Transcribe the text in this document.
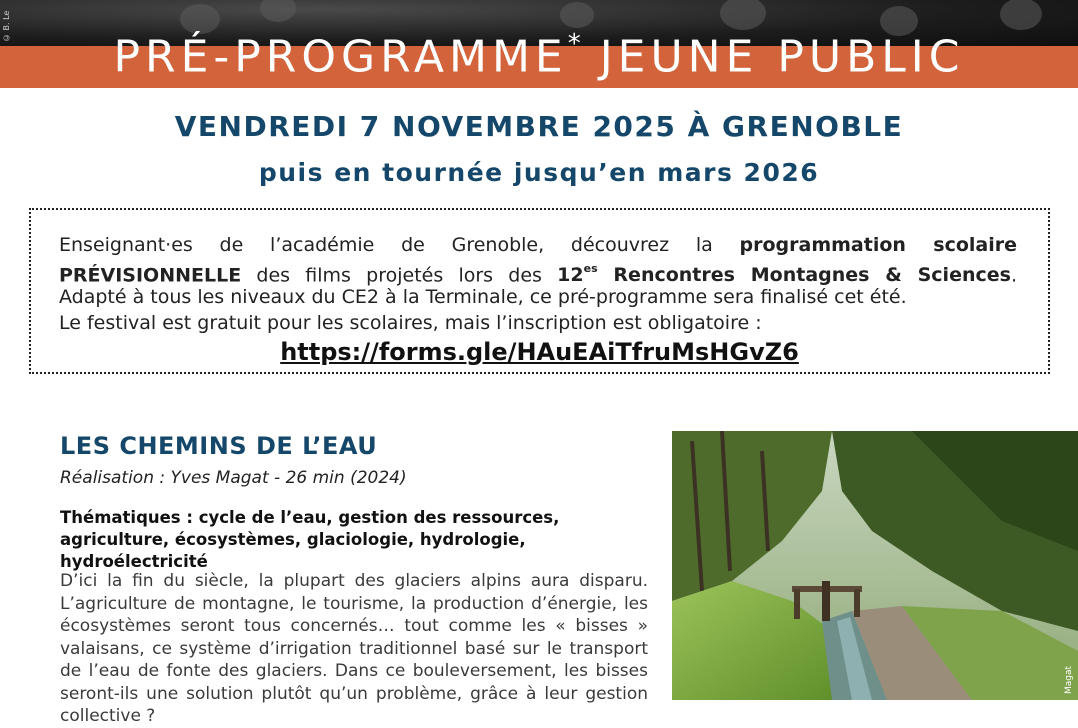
© B. Le
PRÉ-PROGRAMME* JEUNE PUBLIC
VENDREDI 7 NOVEMBRE 2025 À GRENOBLE
puis en tournée jusqu’en mars 2026

Enseignant·es de l’académie de Grenoble, découvrez la programmation scolaire

PRÉVISIONNELLE des films projetés lors des $12^{es}$ Rencontres Montagnes & Sciences.

Adapté à tous les niveaux du CE2 à la Terminale, ce pré-programme sera finalisé cet été.

Le festival est gratuit pour les scolaires, mais l’inscription est obligatoire :

https://forms.gle/HAuEAiTfruMsHGvZ6
LES CHEMINS DE L’EAU
Réalisation : Yves Magat - 26 min (2024)
Thématiques : cycle de l’eau, gestion des ressources, agriculture, écosystèmes, glaciologie, hydrologie, hydroélectricité

D’ici la fin du siècle, la plupart des glaciers alpins aura disparu. L’agriculture de montagne, le tourisme, la production d’énergie, les écosystèmes seront tous concernés… tout comme les « bisses » valaisans, ce système d’irrigation traditionnel basé sur le transport de l’eau de fonte des glaciers. Dans ce bouleversement, les bisses seront-ils une solution plutôt qu’un problème, grâce à leur gestion collective ?

Magat
